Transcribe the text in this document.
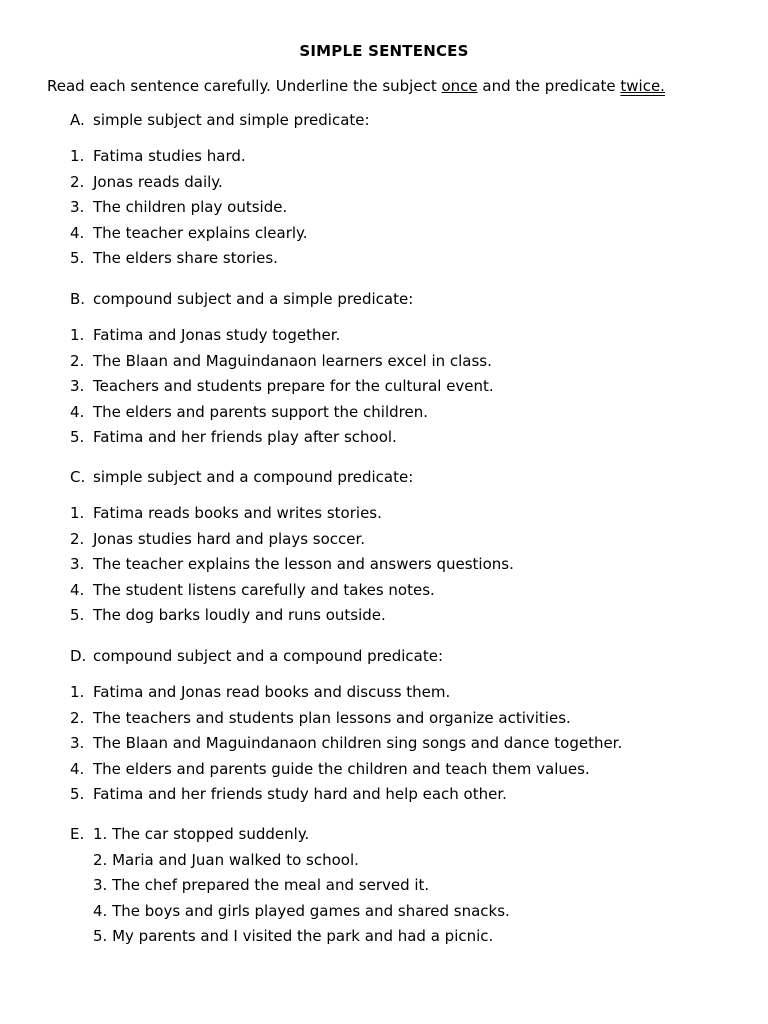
SIMPLE SENTENCES
Read each sentence carefully. Underline the subject once and the predicate twice.
A. simple subject and simple predicate:
1. Fatima studies hard.
2. Jonas reads daily.
3. The children play outside.
4. The teacher explains clearly.
5. The elders share stories.
B. compound subject and a simple predicate:
1. Fatima and Jonas study together.
2. The Blaan and Maguindanaon learners excel in class.
3. Teachers and students prepare for the cultural event.
4. The elders and parents support the children.
5. Fatima and her friends play after school.
C. simple subject and a compound predicate:
1. Fatima reads books and writes stories.
2. Jonas studies hard and plays soccer.
3. The teacher explains the lesson and answers questions.
4. The student listens carefully and takes notes.
5. The dog barks loudly and runs outside.
D. compound subject and a compound predicate:
1. Fatima and Jonas read books and discuss them.
2. The teachers and students plan lessons and organize activities.
3. The Blaan and Maguindanaon children sing songs and dance together.
4. The elders and parents guide the children and teach them values.
5. Fatima and her friends study hard and help each other.
E. 1. The car stopped suddenly.
2. Maria and Juan walked to school.
3. The chef prepared the meal and served it.
4. The boys and girls played games and shared snacks.
5. My parents and I visited the park and had a picnic.
